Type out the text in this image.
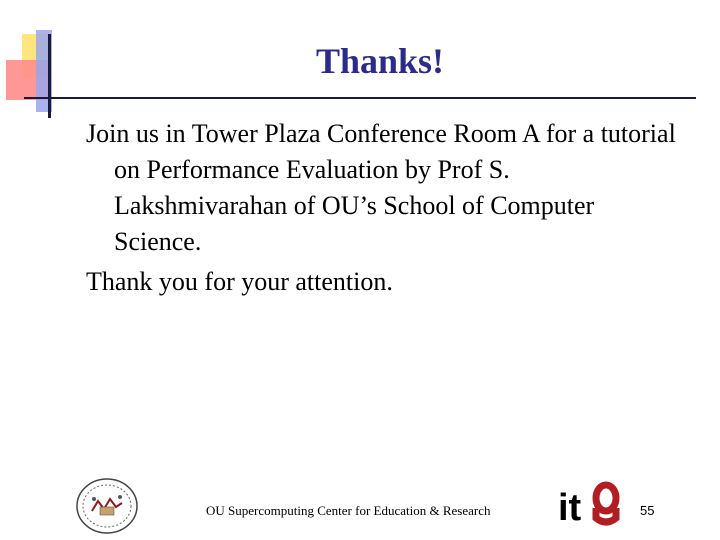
Thanks!

Join us in Tower Plaza Conference Room A for a tutorial on Performance Evaluation by Prof S. Lakshmivarahan of OU’s School of Computer Science.

Thank you for your attention.

OU Supercomputing Center for Education & Research it	55
